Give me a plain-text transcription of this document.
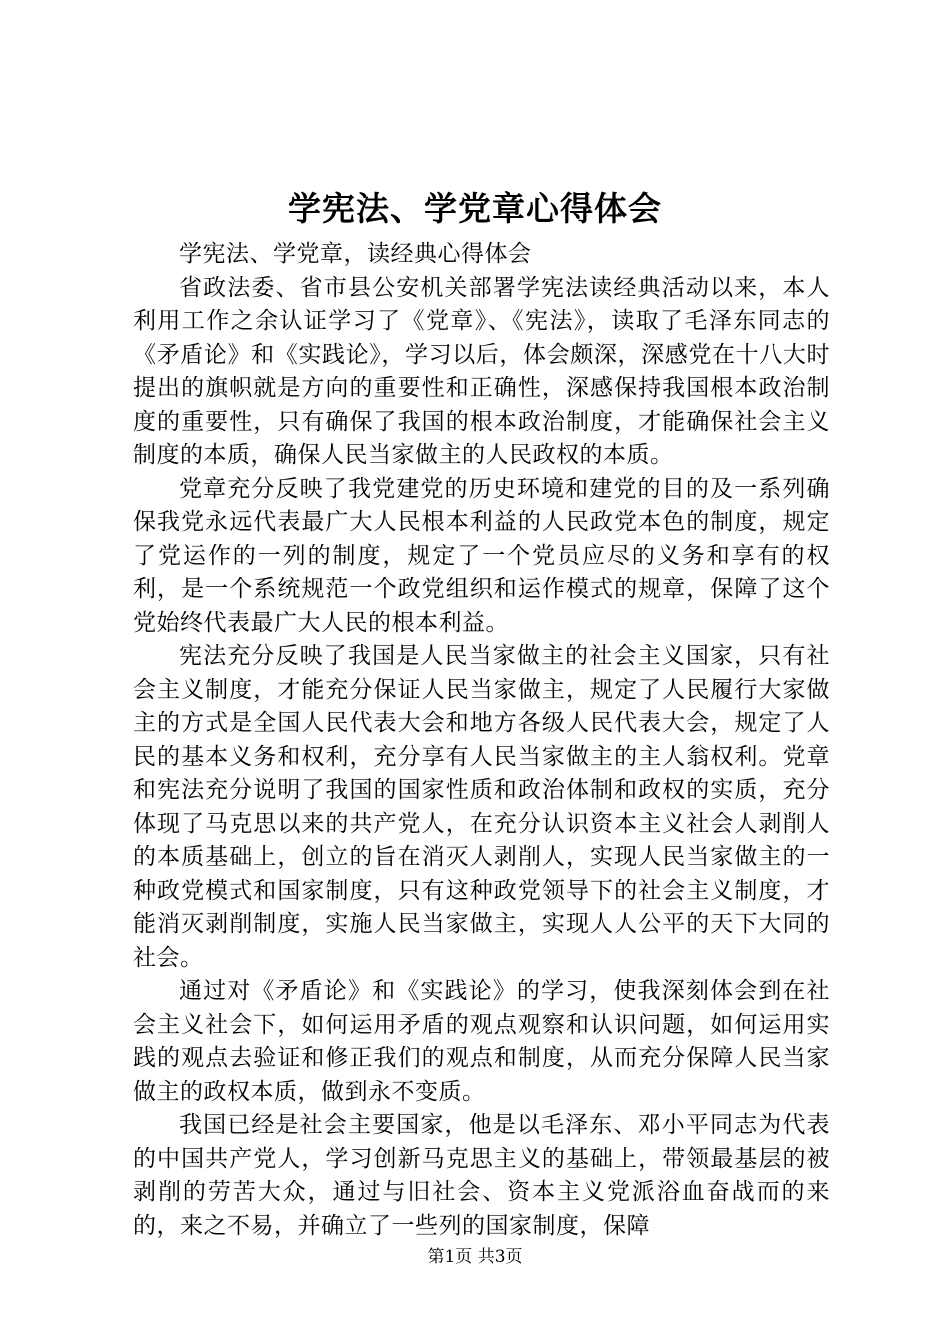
学宪法、学党章心得体会

学宪法、学党章，读经典心得体会

省政法委、省市县公安机关部署学宪法读经典活动以来，本人利用工作之余认证学习了《党章》、《宪法》，读取了毛泽东同志的《矛盾论》和《实践论》，学习以后，体会颇深，深感党在十八大时提出的旗帜就是方向的重要性和正确性，深感保持我国根本政治制度的重要性，只有确保了我国的根本政治制度，才能确保社会主义制度的本质，确保人民当家做主的人民政权的本质。

党章充分反映了我党建党的历史环境和建党的目的及一系列确保我党永远代表最广大人民根本利益的人民政党本色的制度，规定了党运作的一列的制度，规定了一个党员应尽的义务和享有的权利，是一个系统规范一个政党组织和运作模式的规章，保障了这个党始终代表最广大人民的根本利益。

宪法充分反映了我国是人民当家做主的社会主义国家，只有社会主义制度，才能充分保证人民当家做主，规定了人民履行大家做主的方式是全国人民代表大会和地方各级人民代表大会，规定了人民的基本义务和权利，充分享有人民当家做主的主人翁权利。党章和宪法充分说明了我国的国家性质和政治体制和政权的实质，充分体现了马克思以来的共产党人，在充分认识资本主义社会人剥削人的本质基础上，创立的旨在消灭人剥削人，实现人民当家做主的一种政党模式和国家制度，只有这种政党领导下的社会主义制度，才能消灭剥削制度，实施人民当家做主，实现人人公平的天下大同的社会。

通过对《矛盾论》和《实践论》的学习，使我深刻体会到在社会主义社会下，如何运用矛盾的观点观察和认识问题，如何运用实践的观点去验证和修正我们的观点和制度，从而充分保障人民当家做主的政权本质，做到永不变质。

我国已经是社会主要国家，他是以毛泽东、邓小平同志为代表的中国共产党人，学习创新马克思主义的基础上，带领最基层的被剥削的劳苦大众，通过与旧社会、资本主义党派浴血奋战而的来的，来之不易，并确立了一些列的国家制度，保障

第1页 共3页
